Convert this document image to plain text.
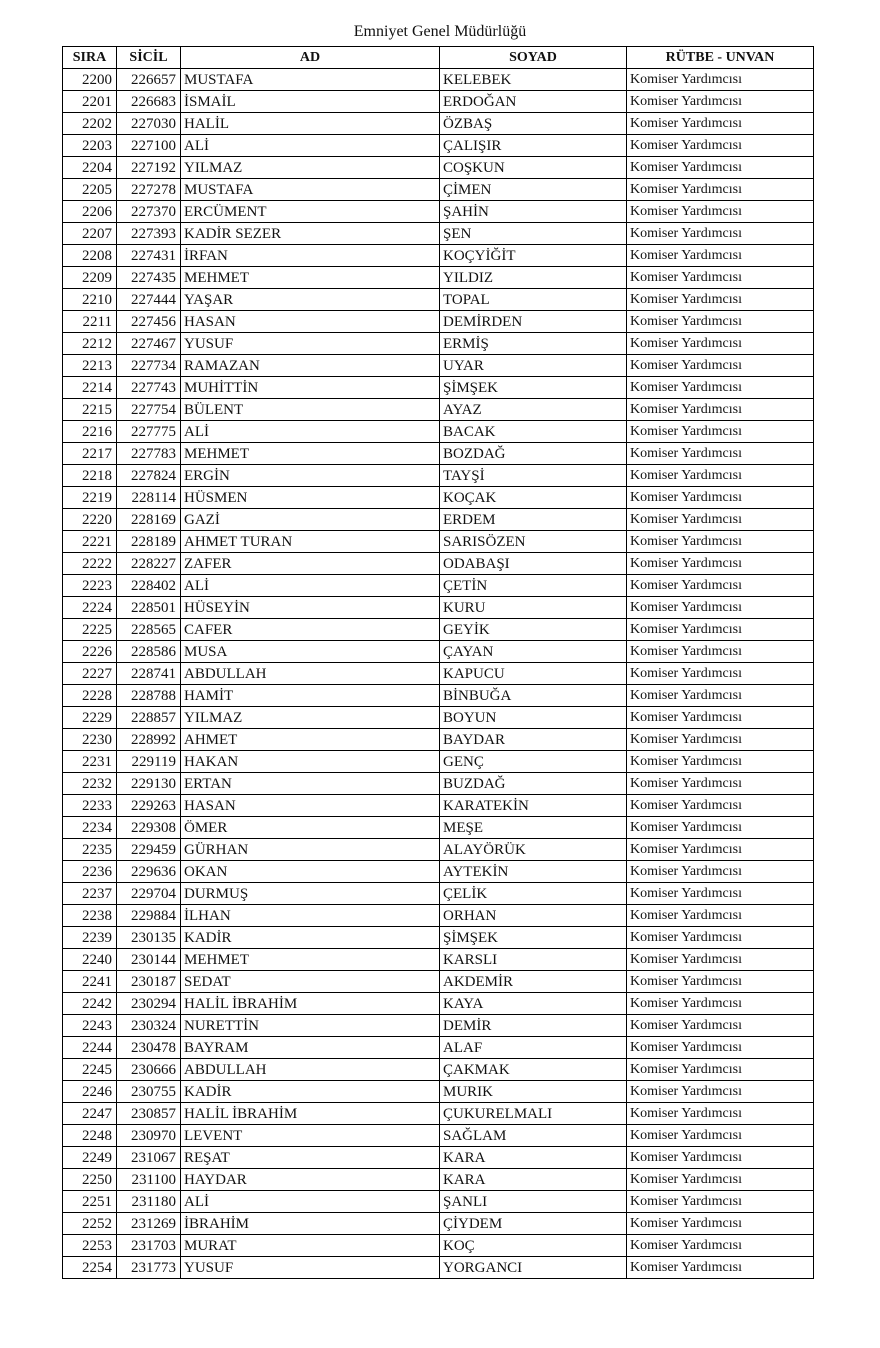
Emniyet Genel Müdürlüğü
SIRA	SİCİL	AD	SOYAD	RÜTBE - UNVAN
2200	226657	MUSTAFA	KELEBEK	Komiser Yardımcısı
2201	226683	İSMAİL	ERDOĞAN	Komiser Yardımcısı
2202	227030	HALİL	ÖZBAŞ	Komiser Yardımcısı
2203	227100	ALİ	ÇALIŞIR	Komiser Yardımcısı
2204	227192	YILMAZ	COŞKUN	Komiser Yardımcısı
2205	227278	MUSTAFA	ÇİMEN	Komiser Yardımcısı
2206	227370	ERCÜMENT	ŞAHİN	Komiser Yardımcısı
2207	227393	KADİR SEZER	ŞEN	Komiser Yardımcısı
2208	227431	İRFAN	KOÇYİĞİT	Komiser Yardımcısı
2209	227435	MEHMET	YILDIZ	Komiser Yardımcısı
2210	227444	YAŞAR	TOPAL	Komiser Yardımcısı
2211	227456	HASAN	DEMİRDEN	Komiser Yardımcısı
2212	227467	YUSUF	ERMİŞ	Komiser Yardımcısı
2213	227734	RAMAZAN	UYAR	Komiser Yardımcısı
2214	227743	MUHİTTİN	ŞİMŞEK	Komiser Yardımcısı
2215	227754	BÜLENT	AYAZ	Komiser Yardımcısı
2216	227775	ALİ	BACAK	Komiser Yardımcısı
2217	227783	MEHMET	BOZDAĞ	Komiser Yardımcısı
2218	227824	ERGİN	TAYŞİ	Komiser Yardımcısı
2219	228114	HÜSMEN	KOÇAK	Komiser Yardımcısı
2220	228169	GAZİ	ERDEM	Komiser Yardımcısı
2221	228189	AHMET TURAN	SARISÖZEN	Komiser Yardımcısı
2222	228227	ZAFER	ODABAŞI	Komiser Yardımcısı
2223	228402	ALİ	ÇETİN	Komiser Yardımcısı
2224	228501	HÜSEYİN	KURU	Komiser Yardımcısı
2225	228565	CAFER	GEYİK	Komiser Yardımcısı
2226	228586	MUSA	ÇAYAN	Komiser Yardımcısı
2227	228741	ABDULLAH	KAPUCU	Komiser Yardımcısı
2228	228788	HAMİT	BİNBUĞA	Komiser Yardımcısı
2229	228857	YILMAZ	BOYUN	Komiser Yardımcısı
2230	228992	AHMET	BAYDAR	Komiser Yardımcısı
2231	229119	HAKAN	GENÇ	Komiser Yardımcısı
2232	229130	ERTAN	BUZDAĞ	Komiser Yardımcısı
2233	229263	HASAN	KARATEKİN	Komiser Yardımcısı
2234	229308	ÖMER	MEŞE	Komiser Yardımcısı
2235	229459	GÜRHAN	ALAYÖRÜK	Komiser Yardımcısı
2236	229636	OKAN	AYTEKİN	Komiser Yardımcısı
2237	229704	DURMUŞ	ÇELİK	Komiser Yardımcısı
2238	229884	İLHAN	ORHAN	Komiser Yardımcısı
2239	230135	KADİR	ŞİMŞEK	Komiser Yardımcısı
2240	230144	MEHMET	KARSLI	Komiser Yardımcısı
2241	230187	SEDAT	AKDEMİR	Komiser Yardımcısı
2242	230294	HALİL İBRAHİM	KAYA	Komiser Yardımcısı
2243	230324	NURETTİN	DEMİR	Komiser Yardımcısı
2244	230478	BAYRAM	ALAF	Komiser Yardımcısı
2245	230666	ABDULLAH	ÇAKMAK	Komiser Yardımcısı
2246	230755	KADİR	MURIK	Komiser Yardımcısı
2247	230857	HALİL İBRAHİM	ÇUKURELMALI	Komiser Yardımcısı
2248	230970	LEVENT	SAĞLAM	Komiser Yardımcısı
2249	231067	REŞAT	KARA	Komiser Yardımcısı
2250	231100	HAYDAR	KARA	Komiser Yardımcısı
2251	231180	ALİ	ŞANLI	Komiser Yardımcısı
2252	231269	İBRAHİM	ÇİYDEM	Komiser Yardımcısı
2253	231703	MURAT	KOÇ	Komiser Yardımcısı
2254	231773	YUSUF	YORGANCI	Komiser Yardımcısı
